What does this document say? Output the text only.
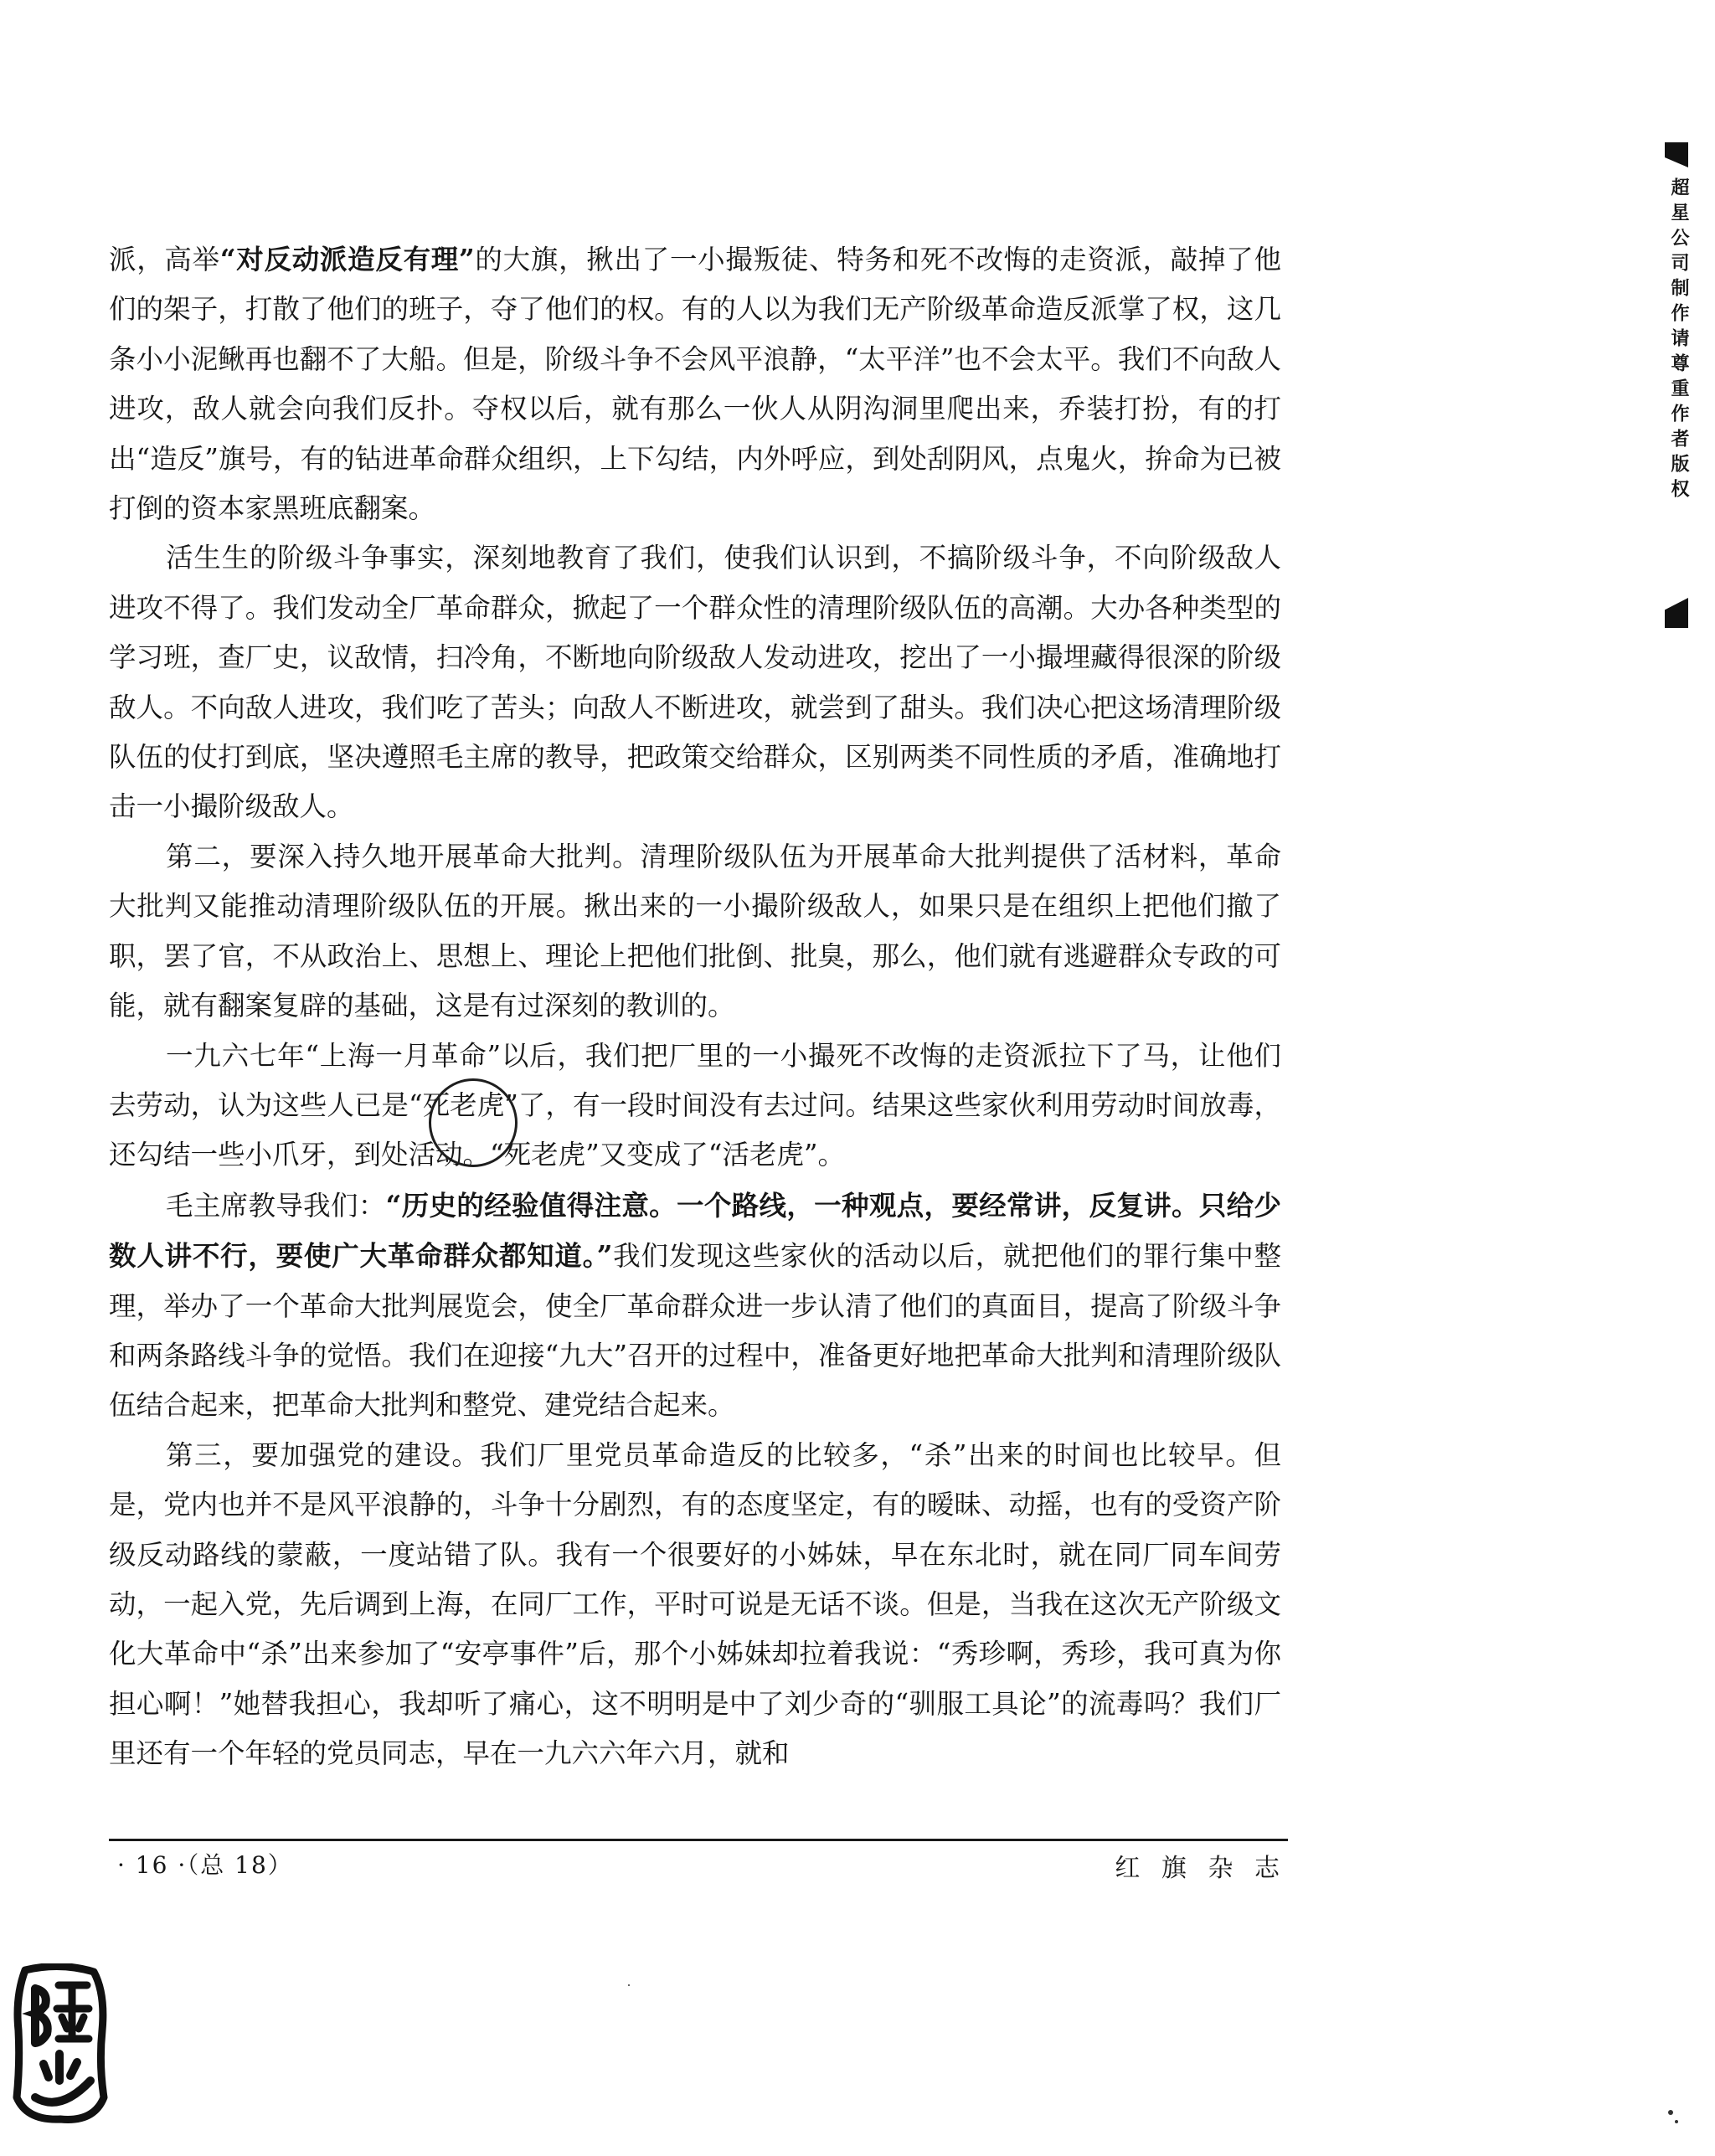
派，高举“对反动派造反有理”的大旗，揪出了一小撮叛徒、特务和死不改悔的走资派，敲掉了他们的架子，打散了他们的班子，夺了他们的权。有的人以为我们无产阶级革命造反派掌了权，这几条小小泥鳅再也翻不了大船。但是，阶级斗争不会风平浪静，“太平洋”也不会太平。我们不向敌人进攻，敌人就会向我们反扑。夺权以后，就有那么一伙人从阴沟洞里爬出来，乔装打扮，有的打出“造反”旗号，有的钻进革命群众组织，上下勾结，内外呼应，到处刮阴风，点鬼火，拚命为已被打倒的资本家黑班底翻案。

活生生的阶级斗争事实，深刻地教育了我们，使我们认识到，不搞阶级斗争，不向阶级敌人进攻不得了。我们发动全厂革命群众，掀起了一个群众性的清理阶级队伍的高潮。大办各种类型的学习班，查厂史，议敌情，扫冷角，不断地向阶级敌人发动进攻，挖出了一小撮埋藏得很深的阶级敌人。不向敌人进攻，我们吃了苦头；向敌人不断进攻，就尝到了甜头。我们决心把这场清理阶级队伍的仗打到底，坚决遵照毛主席的教导，把政策交给群众，区别两类不同性质的矛盾，准确地打击一小撮阶级敌人。

第二，要深入持久地开展革命大批判。清理阶级队伍为开展革命大批判提供了活材料，革命大批判又能推动清理阶级队伍的开展。揪出来的一小撮阶级敌人，如果只是在组织上把他们撤了职，罢了官，不从政治上、思想上、理论上把他们批倒、批臭，那么，他们就有逃避群众专政的可能，就有翻案复辟的基础，这是有过深刻的教训的。

一九六七年“上海一月革命”以后，我们把厂里的一小撮死不改悔的走资派拉下了马，让他们去劳动，认为这些人已是“死老虎”了，有一段时间没有去过问。结果这些家伙利用劳动时间放毒，还勾结一些小爪牙，到处活动。“死老虎”又变成了“活老虎”。

毛主席教导我们：“历史的经验值得注意。一个路线，一种观点，要经常讲，反复讲。只给少数人讲不行，要使广大革命群众都知道。”我们发现这些家伙的活动以后，就把他们的罪行集中整理，举办了一个革命大批判展览会，使全厂革命群众进一步认清了他们的真面目，提高了阶级斗争和两条路线斗争的觉悟。我们在迎接“九大”召开的过程中，准备更好地把革命大批判和清理阶级队伍结合起来，把革命大批判和整党、建党结合起来。

第三，要加强党的建设。我们厂里党员革命造反的比较多，“杀”出来的时间也比较早。但是，党内也并不是风平浪静的，斗争十分剧烈，有的态度坚定，有的暧昧、动摇，也有的受资产阶级反动路线的蒙蔽，一度站错了队。我有一个很要好的小姊妹，早在东北时，就在同厂同车间劳动，一起入党，先后调到上海，在同厂工作，平时可说是无话不谈。但是，当我在这次无产阶级文化大革命中“杀”出来参加了“安亭事件”后，那个小姊妹却拉着我说：“秀珍啊，秀珍，我可真为你担心啊！”她替我担心，我却听了痛心，这不明明是中了刘少奇的“驯服工具论”的流毒吗？我们厂里还有一个年轻的党员同志，早在一九六六年六月，就和

· 16 ·（总 18）	红 旗 杂 志
超星公司制作请尊重作者版权
